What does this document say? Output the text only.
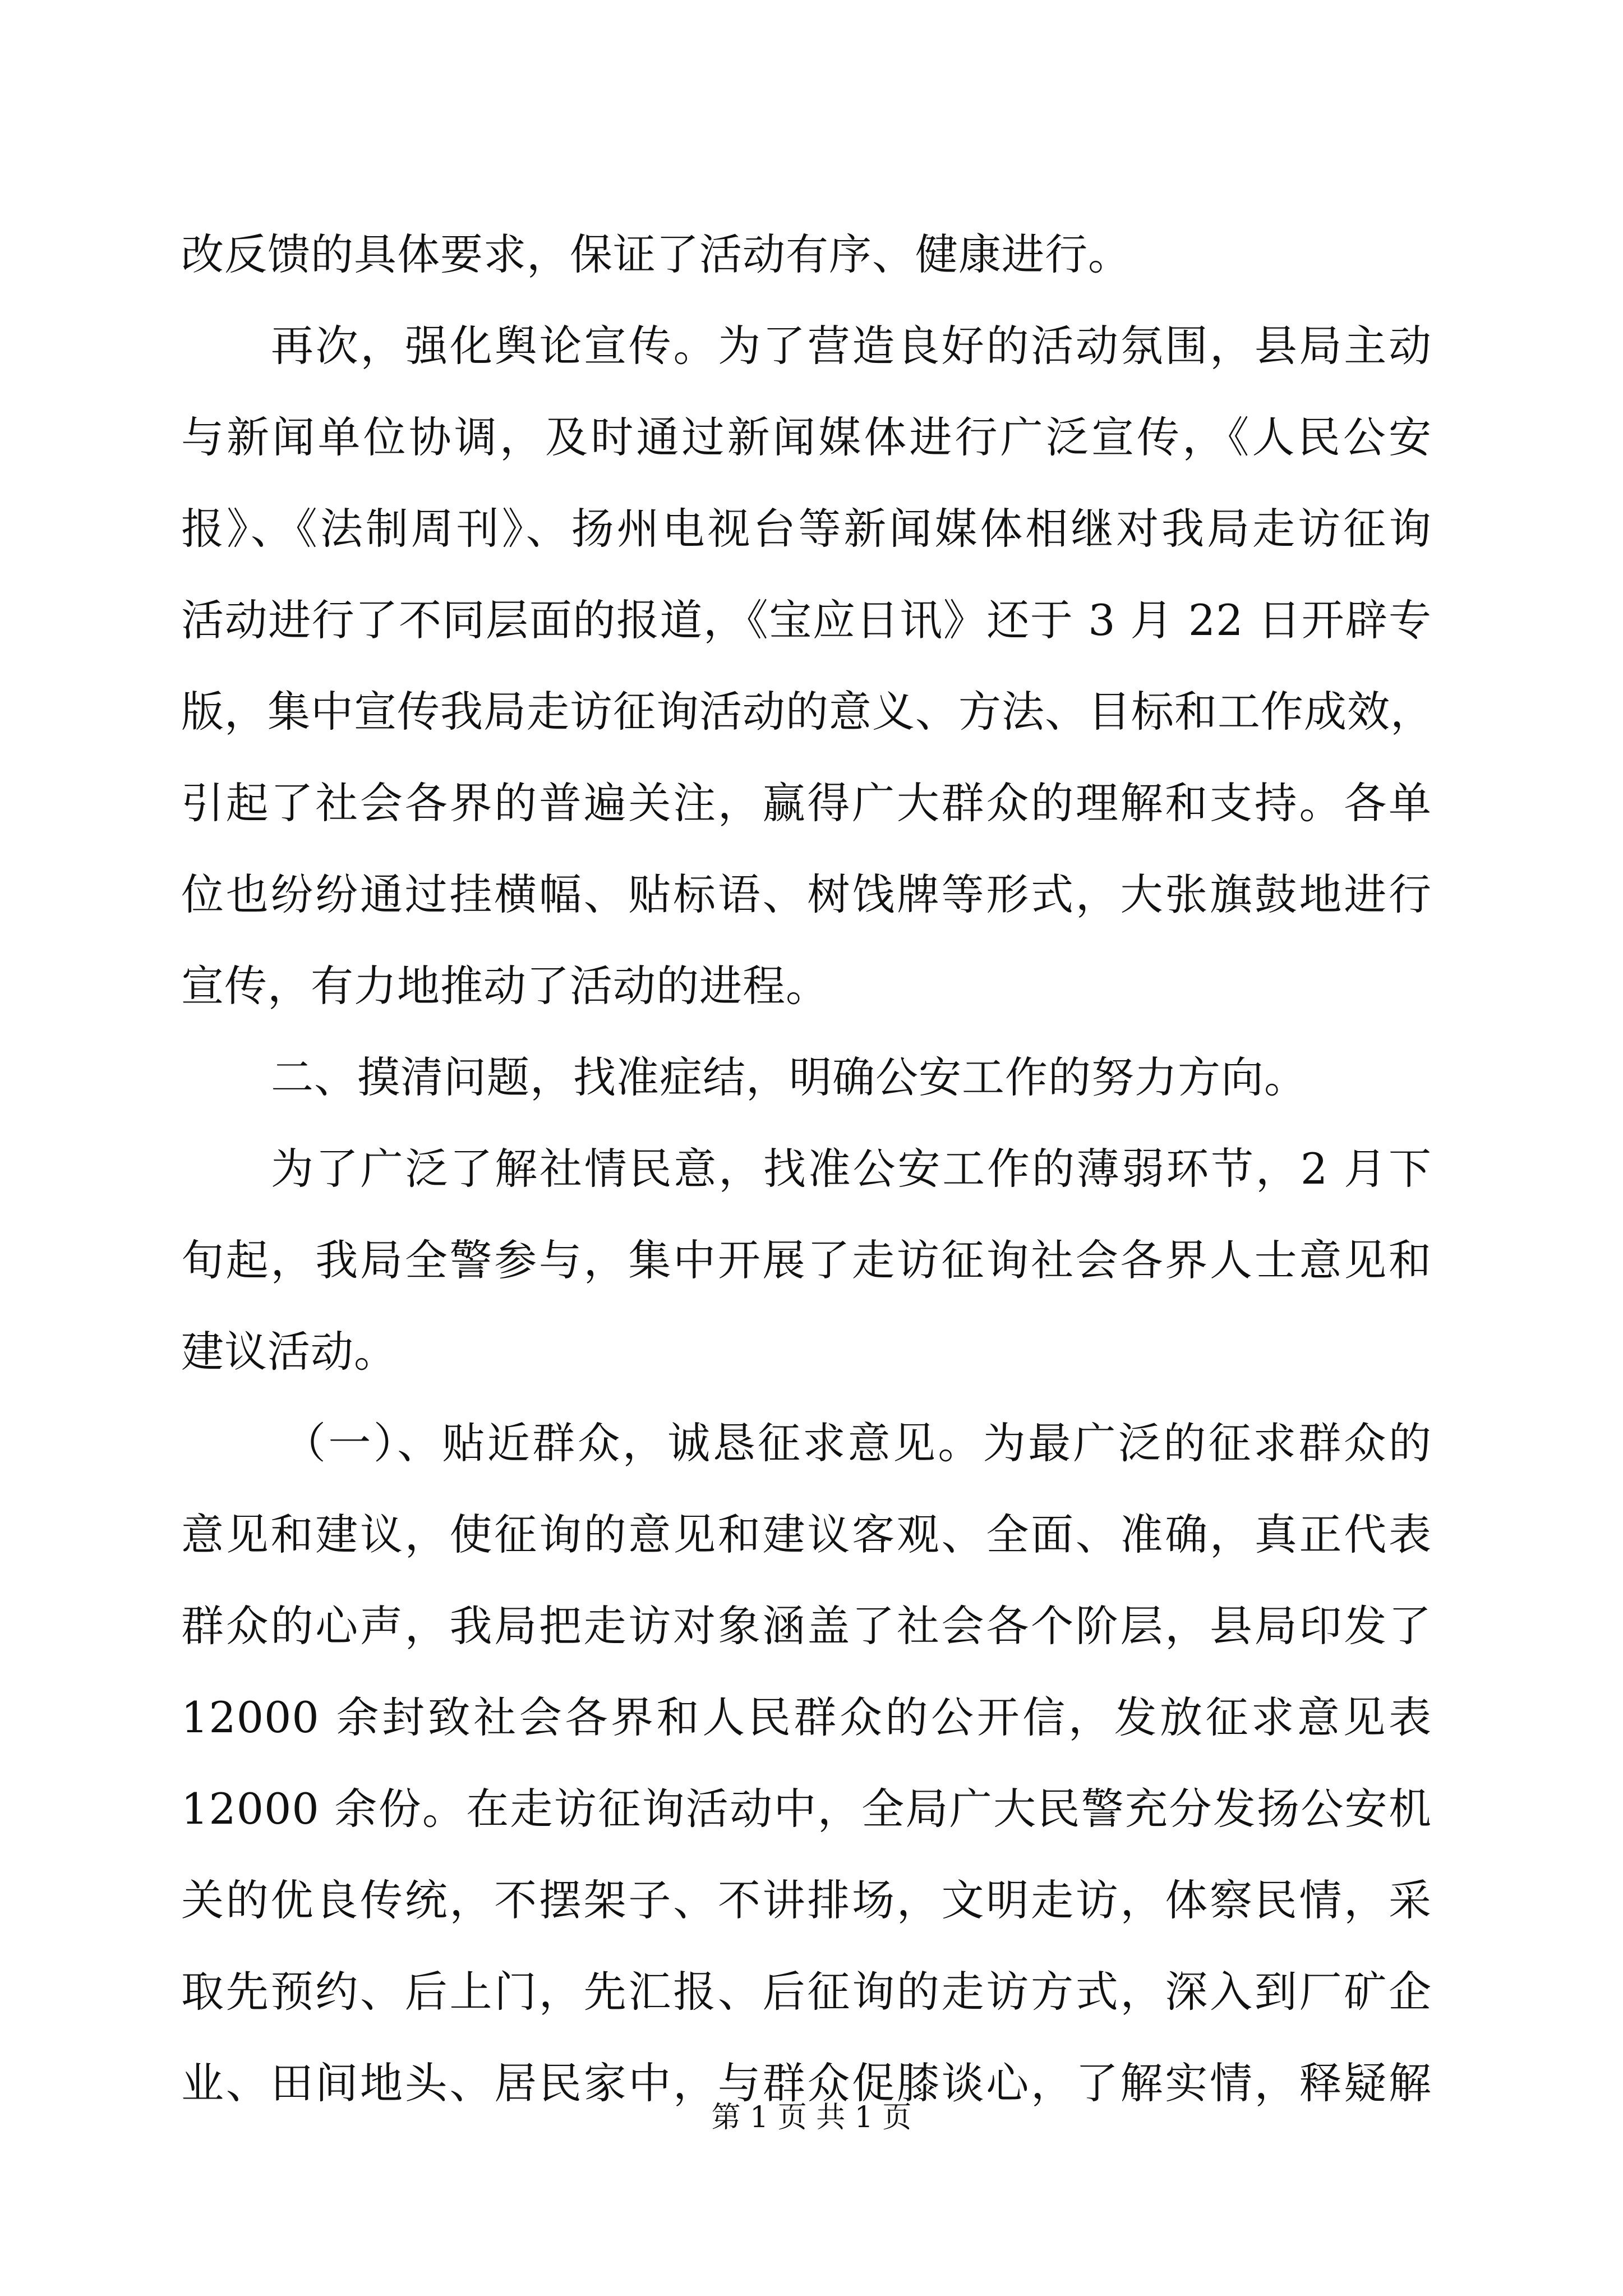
改反馈的具体要求，保证了活动有序、健康进行。
再次，强化舆论宣传。为了营造良好的活动氛围，县局主动
与新闻单位协调，及时通过新闻媒体进行广泛宣传，《人民公安
报》、《法制周刊》、扬州电视台等新闻媒体相继对我局走访征询
活动进行了不同层面的报道，《宝应日讯》还于 3 月 22 日开辟专
版，集中宣传我局走访征询活动的意义、方法、目标和工作成效，
引起了社会各界的普遍关注，赢得广大群众的理解和支持。各单
位也纷纷通过挂横幅、贴标语、树饯牌等形式，大张旗鼓地进行
宣传，有力地推动了活动的进程。
二、摸清问题，找准症结，明确公安工作的努力方向。
为了广泛了解社情民意，找准公安工作的薄弱环节，2 月下
旬起，我局全警参与，集中开展了走访征询社会各界人士意见和
建议活动。
（一）、贴近群众，诚恳征求意见。为最广泛的征求群众的
意见和建议，使征询的意见和建议客观、全面、准确，真正代表
群众的心声，我局把走访对象涵盖了社会各个阶层，县局印发了
12000 余封致社会各界和人民群众的公开信，发放征求意见表
12000 余份。在走访征询活动中，全局广大民警充分发扬公安机
关的优良传统，不摆架子、不讲排场，文明走访，体察民情，采
取先预约、后上门，先汇报、后征询的走访方式，深入到厂矿企
业、田间地头、居民家中，与群众促膝谈心，了解实情，释疑解
第 1 页 共 1 页
